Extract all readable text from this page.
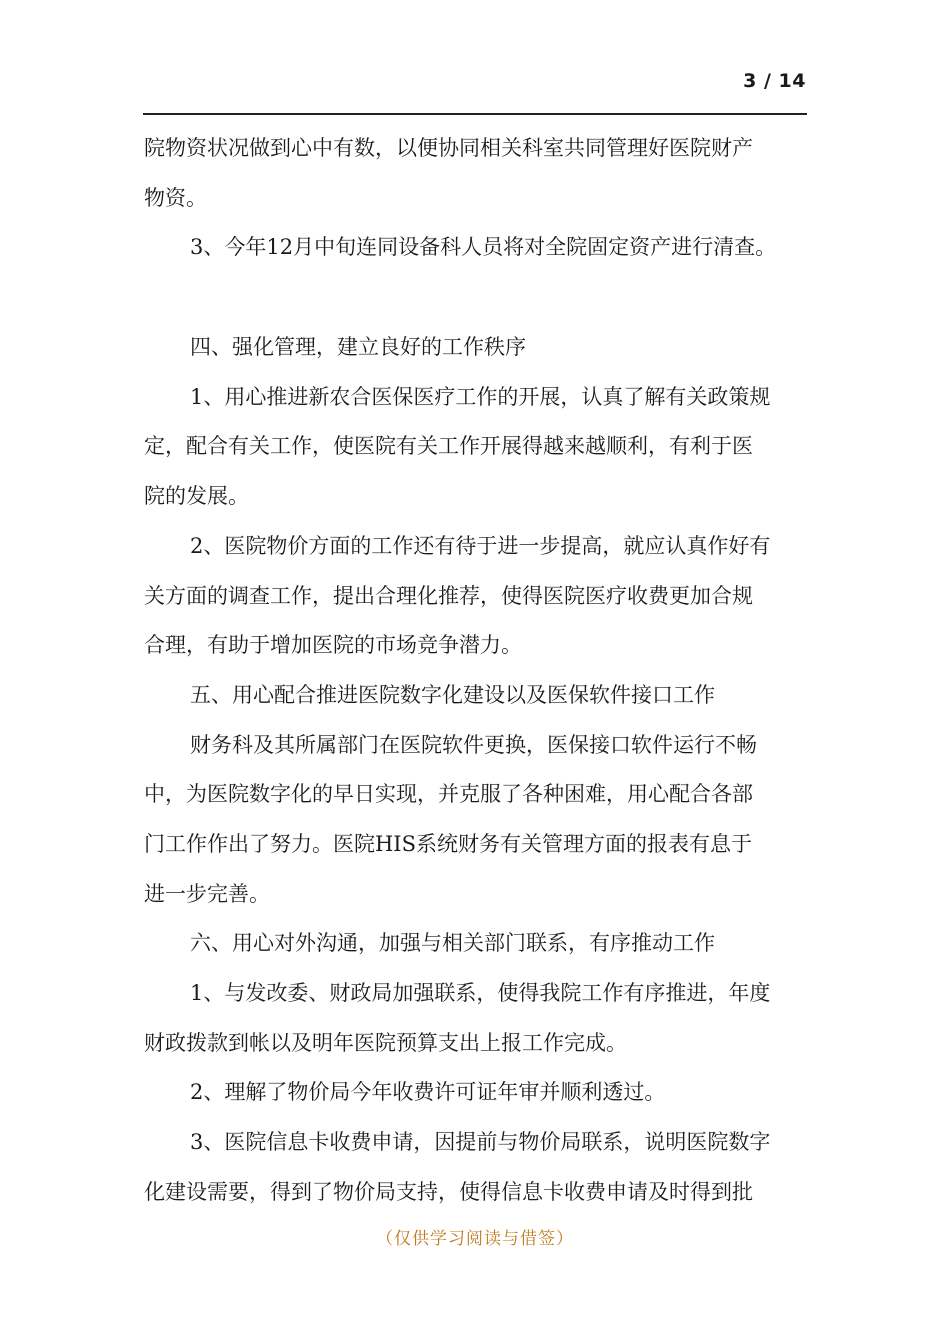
3 / 14
院物资状况做到心中有数，以便协同相关科室共同管理好医院财产
物资。
3、今年12月中旬连同设备科人员将对全院固定资产进行清查。
四、强化管理，建立良好的工作秩序
1、用心推进新农合医保医疗工作的开展，认真了解有关政策规
定，配合有关工作，使医院有关工作开展得越来越顺利，有利于医
院的发展。
2、医院物价方面的工作还有待于进一步提高，就应认真作好有
关方面的调查工作，提出合理化推荐，使得医院医疗收费更加合规
合理，有助于增加医院的市场竞争潜力。
五、用心配合推进医院数字化建设以及医保软件接口工作
财务科及其所属部门在医院软件更换，医保接口软件运行不畅
中，为医院数字化的早日实现，并克服了各种困难，用心配合各部
门工作作出了努力。医院HIS系统财务有关管理方面的报表有息于
进一步完善。
六、用心对外沟通，加强与相关部门联系，有序推动工作
1、与发改委、财政局加强联系，使得我院工作有序推进，年度
财政拨款到帐以及明年医院预算支出上报工作完成。
2、理解了物价局今年收费许可证年审并顺利透过。
3、医院信息卡收费申请，因提前与物价局联系，说明医院数字
化建设需要，得到了物价局支持，使得信息卡收费申请及时得到批
（仅供学习阅读与借签）
